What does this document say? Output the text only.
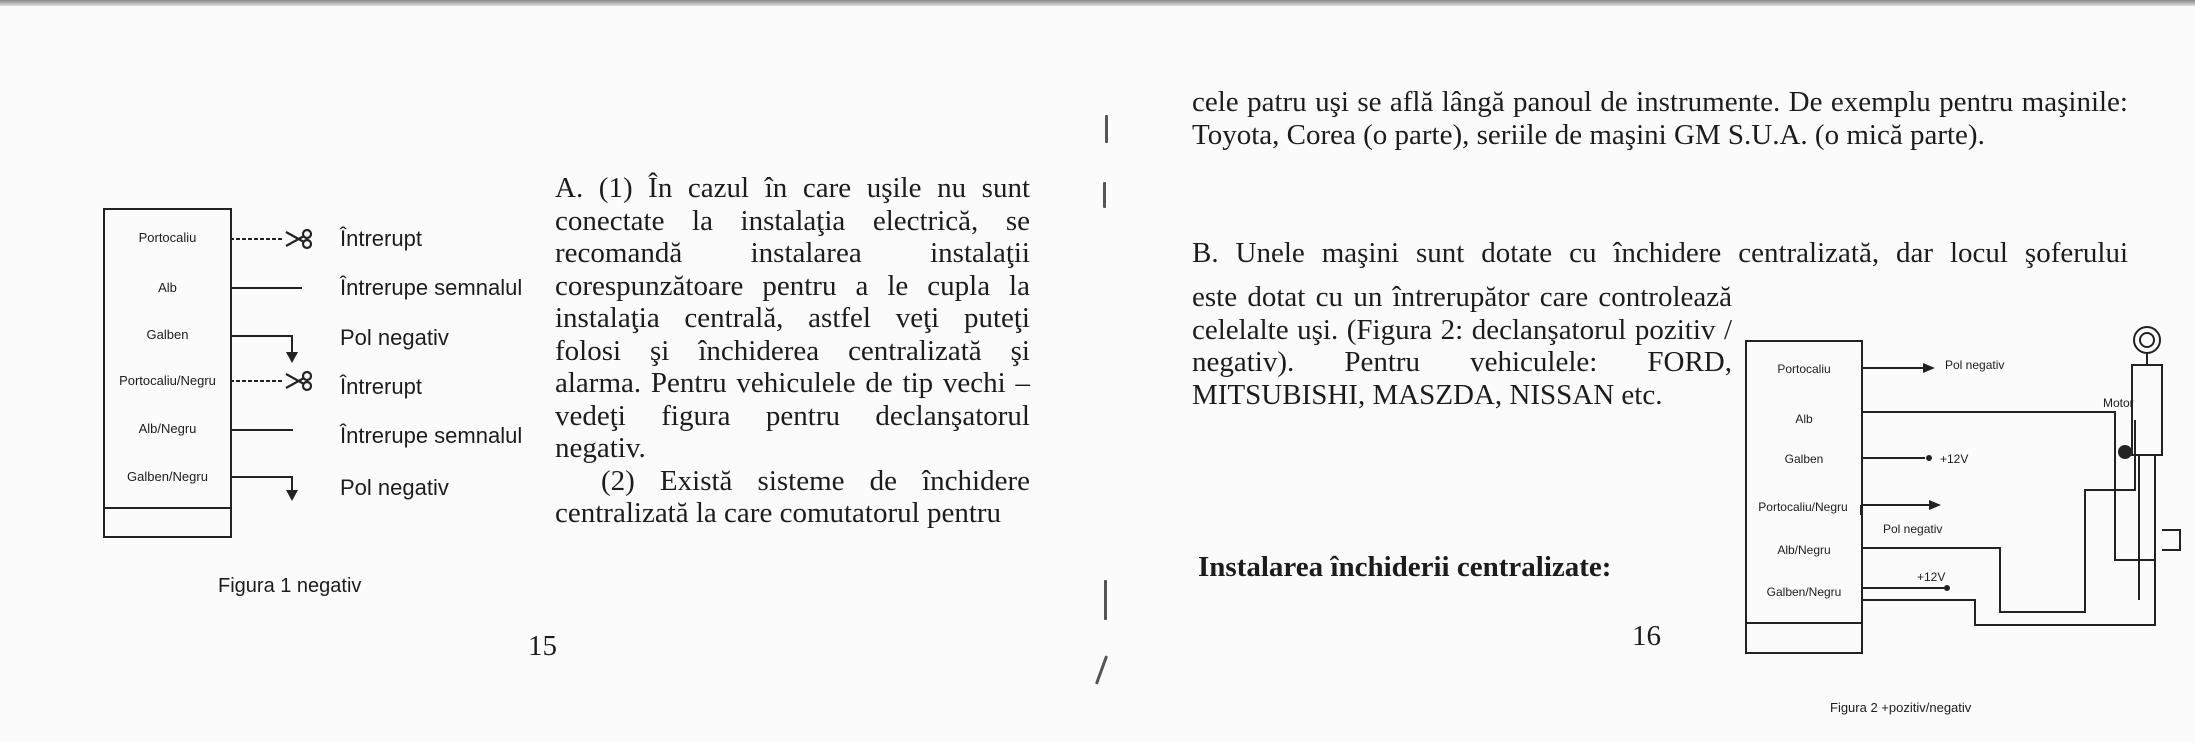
Portocaliu
Alb
Galben
Portocaliu/Negru
Alb/Negru
Galben/Negru
Întrerupt
Întrerupe semnalul
Pol negativ
Întrerupt
Întrerupe semnalul
Pol negativ
Figura 1 negativ

A. (1) În cazul în care uşile nu sunt conectate la instalaţia electrică, se recomandă instalarea instalaţii corespunzătoare pentru a le cupla la instalaţia centrală, astfel veţi puteţi folosi şi închiderea centralizată şi alarma. Pentru vehiculele de tip vechi – vedeţi figura pentru declanşatorul negativ.

(2) Există sisteme de închidere centralizată la care comutatorul pentru

15

cele patru uşi se află lângă panoul de instrumente. De exemplu pentru maşinile: Toyota, Corea (o parte), seriile de maşini GM S.U.A. (o mică parte).

B. Unele maşini sunt dotate cu închidere centralizată, dar locul şoferului

este dotat cu un întrerupător care controlează celelalte uşi. (Figura 2: declanşatorul pozitiv / negativ). Pentru vehiculele: FORD, MITSUBISHI, MASZDA, NISSAN etc.

Instalarea închiderii centralizate:
16
Portocaliu
Alb
Galben
Portocaliu/Negru
Alb/Negru
Galben/Negru
Pol negativ
Motor
+12V
Pol negativ
+12V
Figura 2 +pozitiv/negativ
